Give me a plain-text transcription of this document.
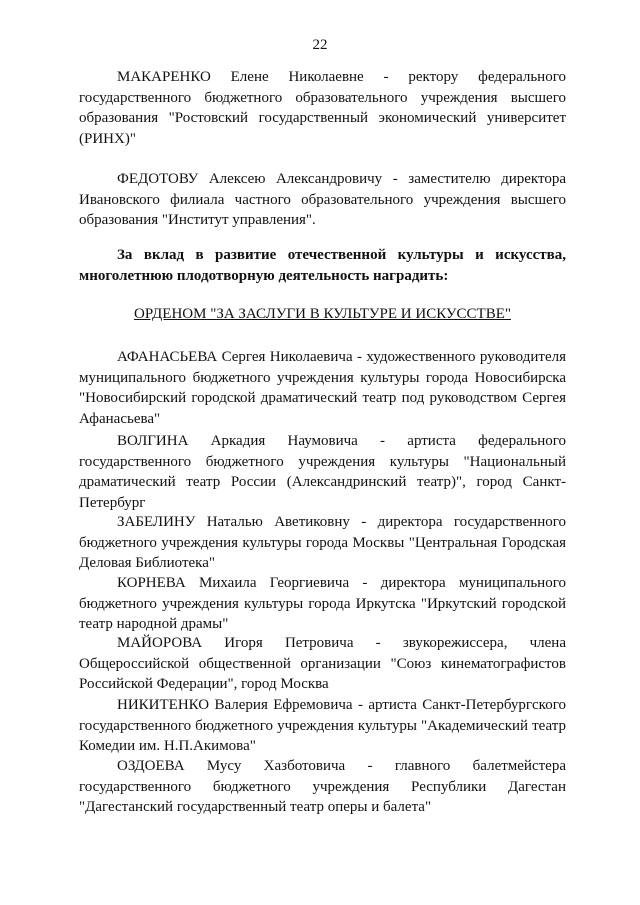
22

МАКАРЕНКО Елене Николаевне - ректору федерального государственного бюджетного образовательного учреждения высшего образования "Ростовский государственный экономический университет (РИНХ)"

ФЕДОТОВУ Алексею Александровичу - заместителю директора Ивановского филиала частного образовательного учреждения высшего образования "Институт управления".

За вклад в развитие отечественной культуры и искусства, многолетнюю плодотворную деятельность наградить:

ОРДЕНОМ "ЗА ЗАСЛУГИ В КУЛЬТУРЕ И ИСКУССТВЕ"

АФАНАСЬЕВА Сергея Николаевича - художественного руководителя муниципального бюджетного учреждения культуры города Новосибирска "Новосибирский городской драматический театр под руководством Сергея Афанасьева"

ВОЛГИНА Аркадия Наумовича - артиста федерального государственного бюджетного учреждения культуры "Национальный драматический театр России (Александринский театр)", город Санкт-Петербург

ЗАБЕЛИНУ Наталью Аветиковну - директора государственного бюджетного учреждения культуры города Москвы "Центральная Городская Деловая Библиотека"

КОРНЕВА Михаила Георгиевича - директора муниципального бюджетного учреждения культуры города Иркутска "Иркутский городской театр народной драмы"

МАЙОРОВА Игоря Петровича - звукорежиссера, члена Общероссийской общественной организации "Союз кинематографистов Российской Федерации", город Москва

НИКИТЕНКО Валерия Ефремовича - артиста Санкт-Петербургского государственного бюджетного учреждения культуры "Академический театр Комедии им. Н.П.Акимова"

ОЗДОЕВА Мусу Хазботовича - главного балетмейстера государственного бюджетного учреждения Республики Дагестан "Дагестанский государственный театр оперы и балета"
